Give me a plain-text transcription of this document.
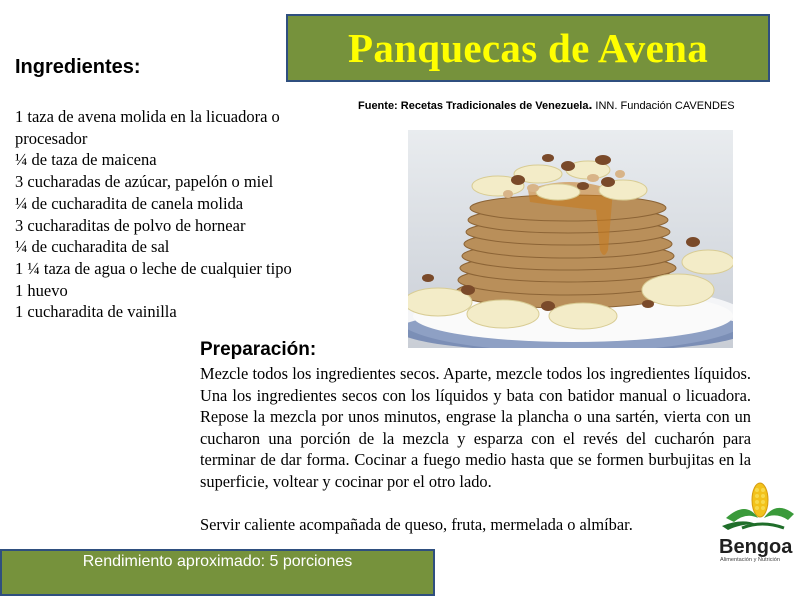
Panquecas de Avena
Ingredientes:
Fuente: Recetas Tradicionales de Venezuela. INN. Fundación CAVENDES
1 taza de avena molida en la licuadora o
procesador
¼ de taza de maicena
3 cucharadas de azúcar, papelón o miel
¼ de cucharadita de canela molida
3 cucharaditas de polvo de hornear
¼ de cucharadita de sal
1 ¼ taza de agua o leche de cualquier tipo
1 huevo
1 cucharadita de vainilla
Preparación:
Mezcle todos los ingredientes secos. Aparte, mezcle todos los ingredientes líquidos. Una los ingredientes secos con los líquidos y bata con batidor manual o licuadora. Repose la mezcla por unos minutos, engrase la plancha o una sartén, vierta con un cucharon una porción de la mezcla y esparza con el revés del cucharón para terminar de dar forma. Cocinar a fuego medio hasta que se formen burbujitas en la superficie, voltear y cocinar por el otro lado.
Servir caliente acompañada de queso, fruta, mermelada o almíbar.
Rendimiento aproximado: 5 porciones
Bengoa
Alimentación y Nutrición
